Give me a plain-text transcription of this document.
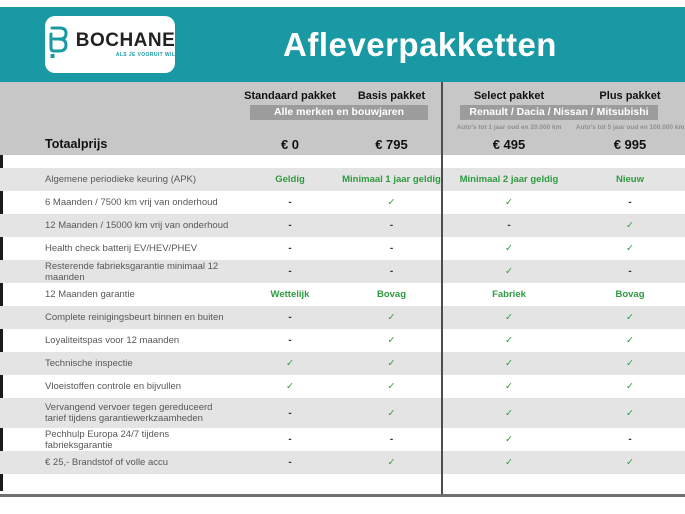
BOCHANE
ALS JE VOORUIT WIL	Afleverpakketten
Standaard pakket	Basis pakket	Select pakket	Plus pakket
Alle merken en bouwjaren	Renault / Dacia / Nissan / Mitsubishi
Auto's tot 1 jaar oud en 20.000 km	Auto's tot 5 jaar oud en 100.000 km
Totaalprijs	€ 0	€ 795	€ 495	€ 995
Algemene periodieke keuring (APK)	Geldig	Minimaal 1 jaar geldig	Minimaal 2 jaar geldig	Nieuw
6 Maanden / 7500 km vrij van onderhoud	-	✓	✓	-
12 Maanden / 15000 km vrij van onderhoud	-	-	-	✓
Health check batterij EV/HEV/PHEV	-	-	✓	✓
Resterende fabrieksgarantie minimaal 12 maanden	-	-	✓	-
12 Maanden garantie	Wettelijk	Bovag	Fabriek	Bovag
Complete reinigingsbeurt binnen en buiten	-	✓	✓	✓
Loyaliteitspas voor 12 maanden	-	✓	✓	✓
Technische inspectie	✓	✓	✓	✓
Vloeistoffen controle en bijvullen	✓	✓	✓	✓
Vervangend vervoer tegen gereduceerd tarief tijdens garantiewerkzaamheden	-	✓	✓	✓
Pechhulp Europa 24/7 tijdens fabrieksgarantie	-	-	✓	-
€ 25,- Brandstof of volle accu	-	✓	✓	✓
